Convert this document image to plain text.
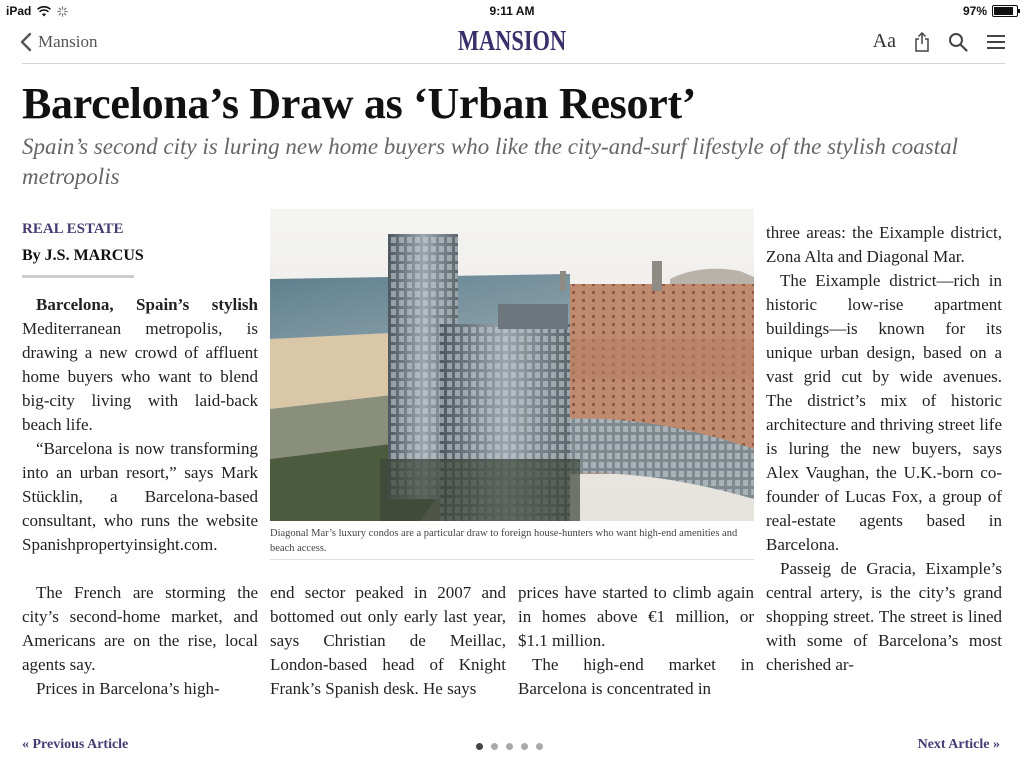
iPad	9:11 AM	97%
Mansion	MANSION	Aa
Barcelona’s Draw as ‘Urban Resort’
Spain’s second city is luring new home buyers who like the city-and-surf lifestyle of the stylish coastal metropolis
REAL ESTATE
By J.S. MARCUS

Barcelona, Spain’s stylish Mediterranean metropolis, is drawing a new crowd of affluent home buyers who want to blend big-city living with laid-back beach life.

“Barcelona is now transforming into an urban resort,” says Mark Stücklin, a Barcelona-based consultant, who runs the website Spanishpropertyinsight.com.

The French are storming the city’s second-home market, and Americans are on the rise, local agents say.

Prices in Barcelona’s high-

Diagonal Mar’s luxury condos are a particular draw to foreign house-hunters who want high-end amenities and beach access.

end sector peaked in 2007 and bottomed out only early last year, says Christian de Meillac, London-based head of Knight Frank’s Spanish desk. He says

prices have started to climb again in homes above €1 million, or $1.1 million.

The high-end market in Barcelona is concentrated in

three areas: the Eixample district, Zona Alta and Diagonal Mar.

The Eixample district—rich in historic low-rise apartment buildings—is known for its unique urban design, based on a vast grid cut by wide avenues. The district’s mix of historic architecture and thriving street life is luring the new buyers, says Alex Vaughan, the U.K.-born co-founder of Lucas Fox, a group of real-estate agents based in Barcelona.

Passeig de Gracia, Eixample’s central artery, is the city’s grand shopping street. The street is lined with some of Barcelona’s most cherished ar-

« Previous Article	Next Article »
